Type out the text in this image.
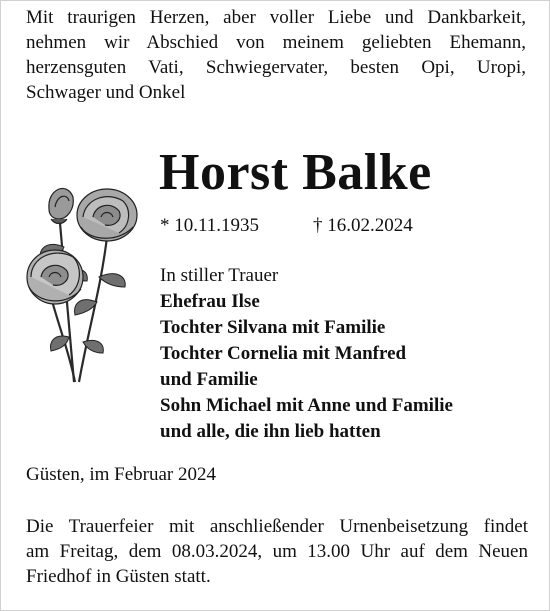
Mit traurigen Herzen, aber voller Liebe und Dankbarkeit,
nehmen wir Abschied von meinem geliebten Ehemann,
herzensguten Vati, Schwiegervater, besten Opi, Uropi,
Schwager und Onkel
Horst Balke
* 10.11.1935	† 16.02.2024
In stiller Trauer
Ehefrau Ilse
Tochter Silvana mit Familie
Tochter Cornelia mit Manfred
und Familie
Sohn Michael mit Anne und Familie
und alle, die ihn lieb hatten
Güsten, im Februar 2024
Die Trauerfeier mit anschließender Urnenbeisetzung findet
am Freitag, dem 08.03.2024, um 13.00 Uhr auf dem Neuen
Friedhof in Güsten statt.
